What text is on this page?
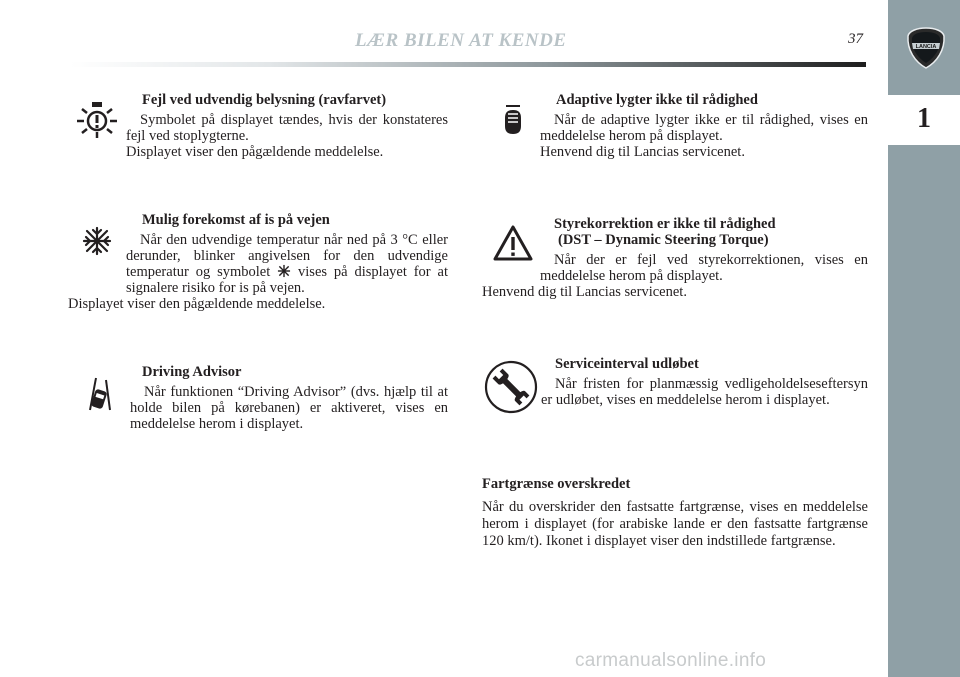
LANCIA
1
LÆR BILEN AT KENDE	37
Fejl ved udvendig belysning (ravfarvet)

Symbolet på displayet tændes, hvis der konstateres fejl ved stoplygterne.

Displayet viser den pågældende meddelelse.

Mulig forekomst af is på vejen

Når den udvendige temperatur når ned på 3 °C eller derunder, blinker angivelsen for den udvendige temperatur og symbolet vises på displayet for at signalere risiko for is på vejen.

Displayet viser den pågældende meddelelse.

Driving Advisor

Når funktionen “Driving Advisor” (dvs. hjælp til at holde bilen på kørebanen) er aktiveret, vises en meddelelse herom i displayet.

Adaptive lygter ikke til rådighed

Når de adaptive lygter ikke er til rådighed, vises en meddelelse herom på displayet.

Henvend dig til Lancias servicenet.

Styrekorrektion er ikke til rådighed
(DST – Dynamic Steering Torque)

Når der er fejl ved styrekorrektionen, vises en meddelelse herom på displayet.

Henvend dig til Lancias servicenet.

Serviceinterval udløbet

Når fristen for planmæssig vedligeholdelseseftersyn er udløbet, vises en meddelelse herom i displayet.

Fartgrænse overskredet

Når du overskrider den fastsatte fartgrænse, vises en meddelelse herom i displayet (for arabiske lande er den fastsatte fartgrænse 120 km/t). Ikonet i displayet viser den indstillede fartgrænse.

carmanualsonline.info
